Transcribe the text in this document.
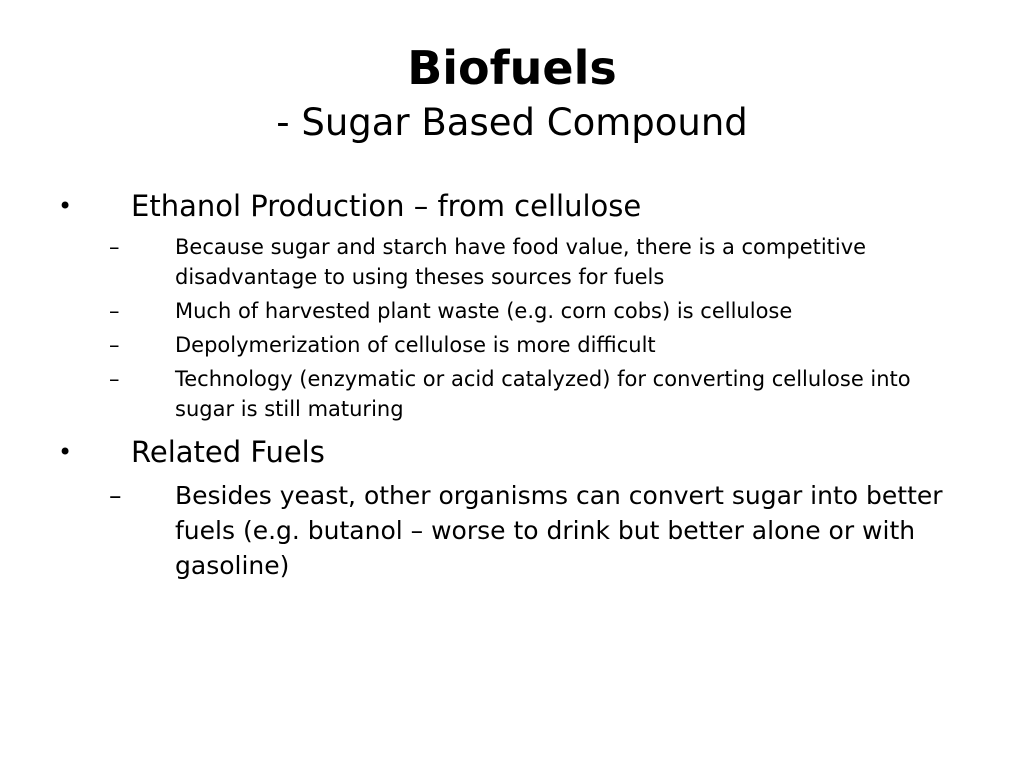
Biofuels
- Sugar Based Compound
• Ethanol Production – from cellulose
–	Because sugar and starch have food value, there is a competitive disadvantage to using theses sources for fuels
–	Much of harvested plant waste (e.g. corn cobs) is cellulose
–	Depolymerization of cellulose is more difficult
–	Technology (enzymatic or acid catalyzed) for converting cellulose into sugar is still maturing
• Related Fuels
– Besides yeast, other organisms can convert sugar into better fuels (e.g. butanol – worse to drink but better alone or with gasoline)
